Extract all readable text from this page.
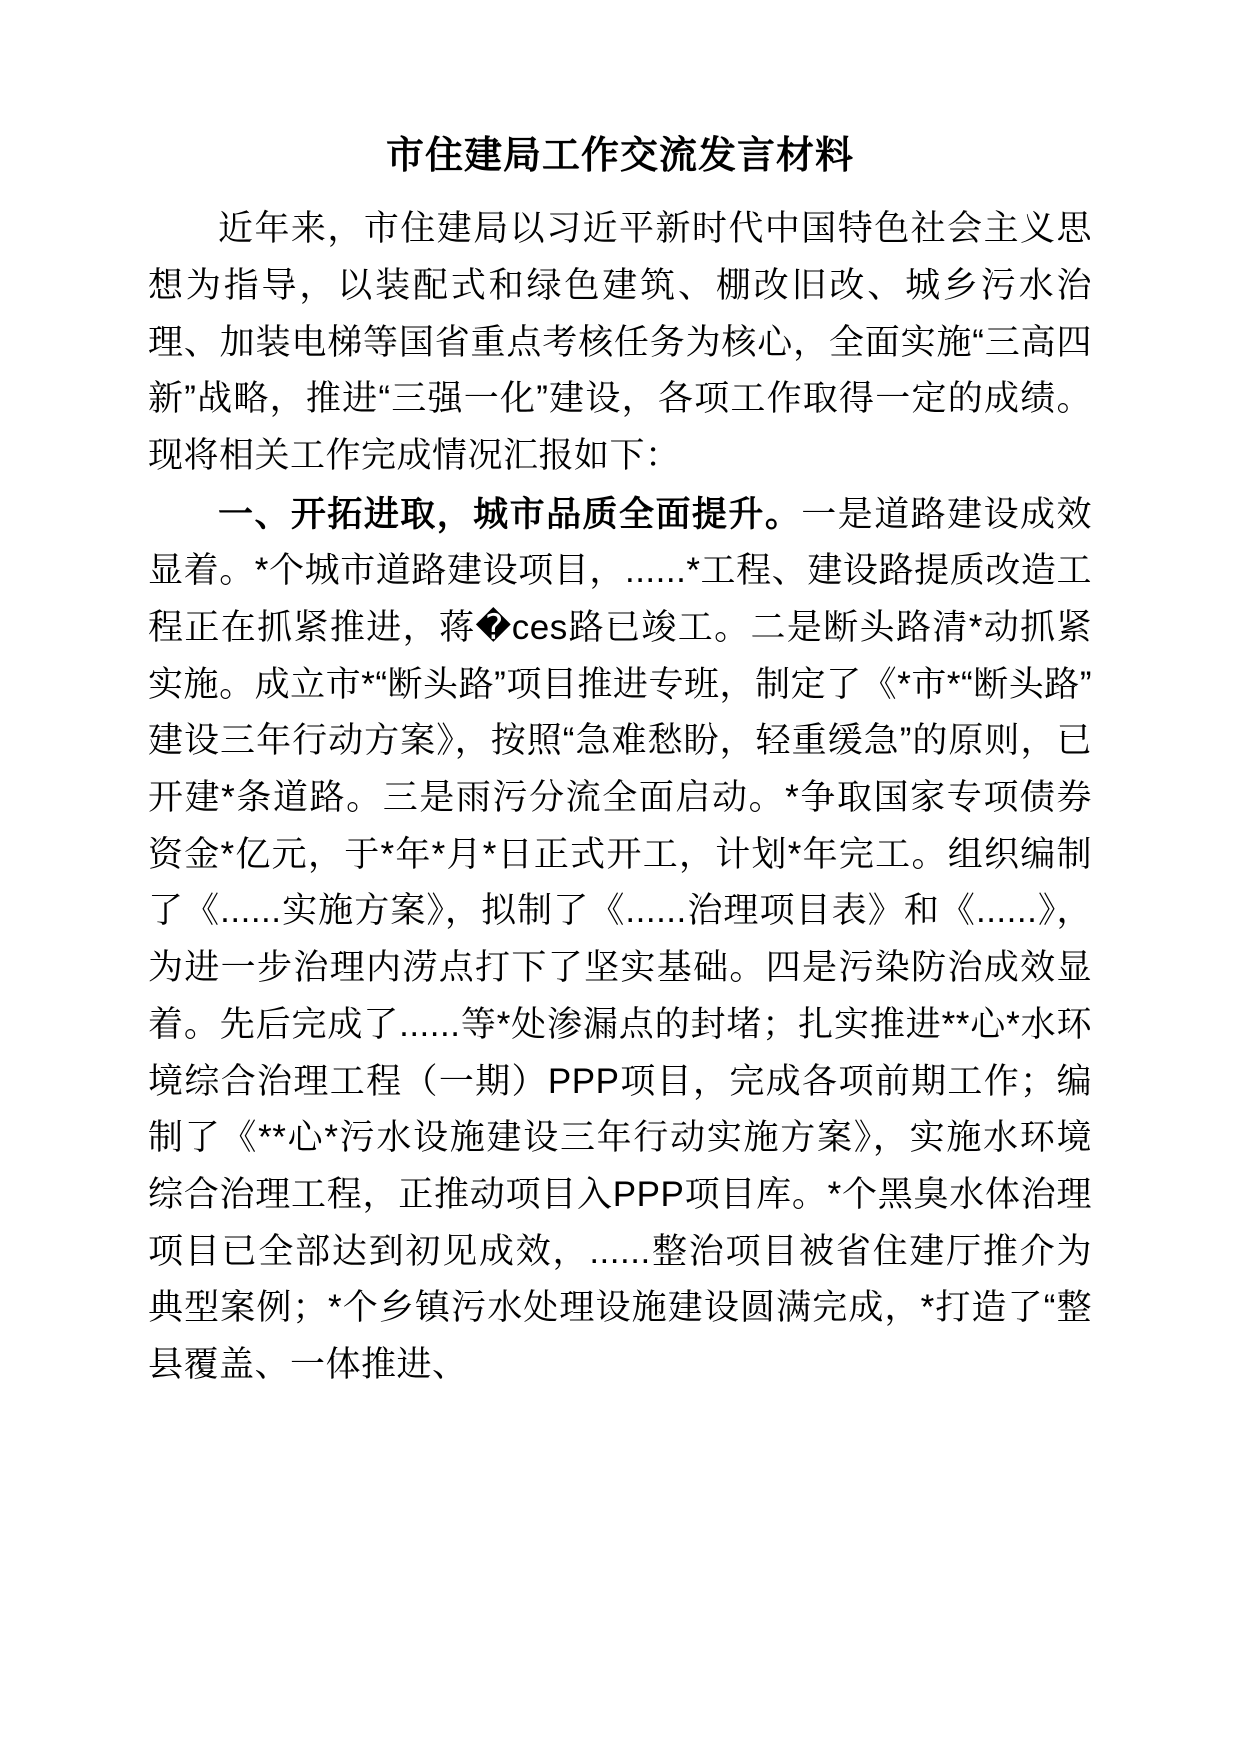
市住建局工作交流发言材料

近年来，市住建局以习近平新时代中国特色社会主义思想为指导，以装配式和绿色建筑、棚改旧改、城乡污水治理、加装电梯等国省重点考核任务为核心，全面实施“三高四新”战略，推进“三强一化”建设，各项工作取得一定的成绩。现将相关工作完成情况汇报如下：

一、开拓进取，城市品质全面提升。一是道路建设成效显着。*个城市道路建设项目，......*工程、建设路提质改造工程正在抓紧推进，蒋�ces路已竣工。二是断头路清*动抓紧实施。成立市*“断头路”项目推进专班，制定了《*市*“断头路”建设三年行动方案》，按照“急难愁盼，轻重缓急”的原则，已开建*条道路。三是雨污分流全面启动。*争取国家专项债券资金*亿元，于*年*月*日正式开工，计划*年完工。组织编制了《......实施方案》，拟制了《......治理项目表》和《......》，为进一步治理内涝点打下了坚实基础。四是污染防治成效显着。先后完成了......等*处渗漏点的封堵；扎实推进**心*水环境综合治理工程（一期）PPP项目，完成各项前期工作；编制了《**心*污水设施建设三年行动实施方案》，实施水环境综合治理工程，正推动项目入PPP项目库。*个黑臭水体治理项目已全部达到初见成效，......整治项目被省住建厅推介为典型案例；*个乡镇污水处理设施建设圆满完成，*打造了“整县覆盖、一体推进、
